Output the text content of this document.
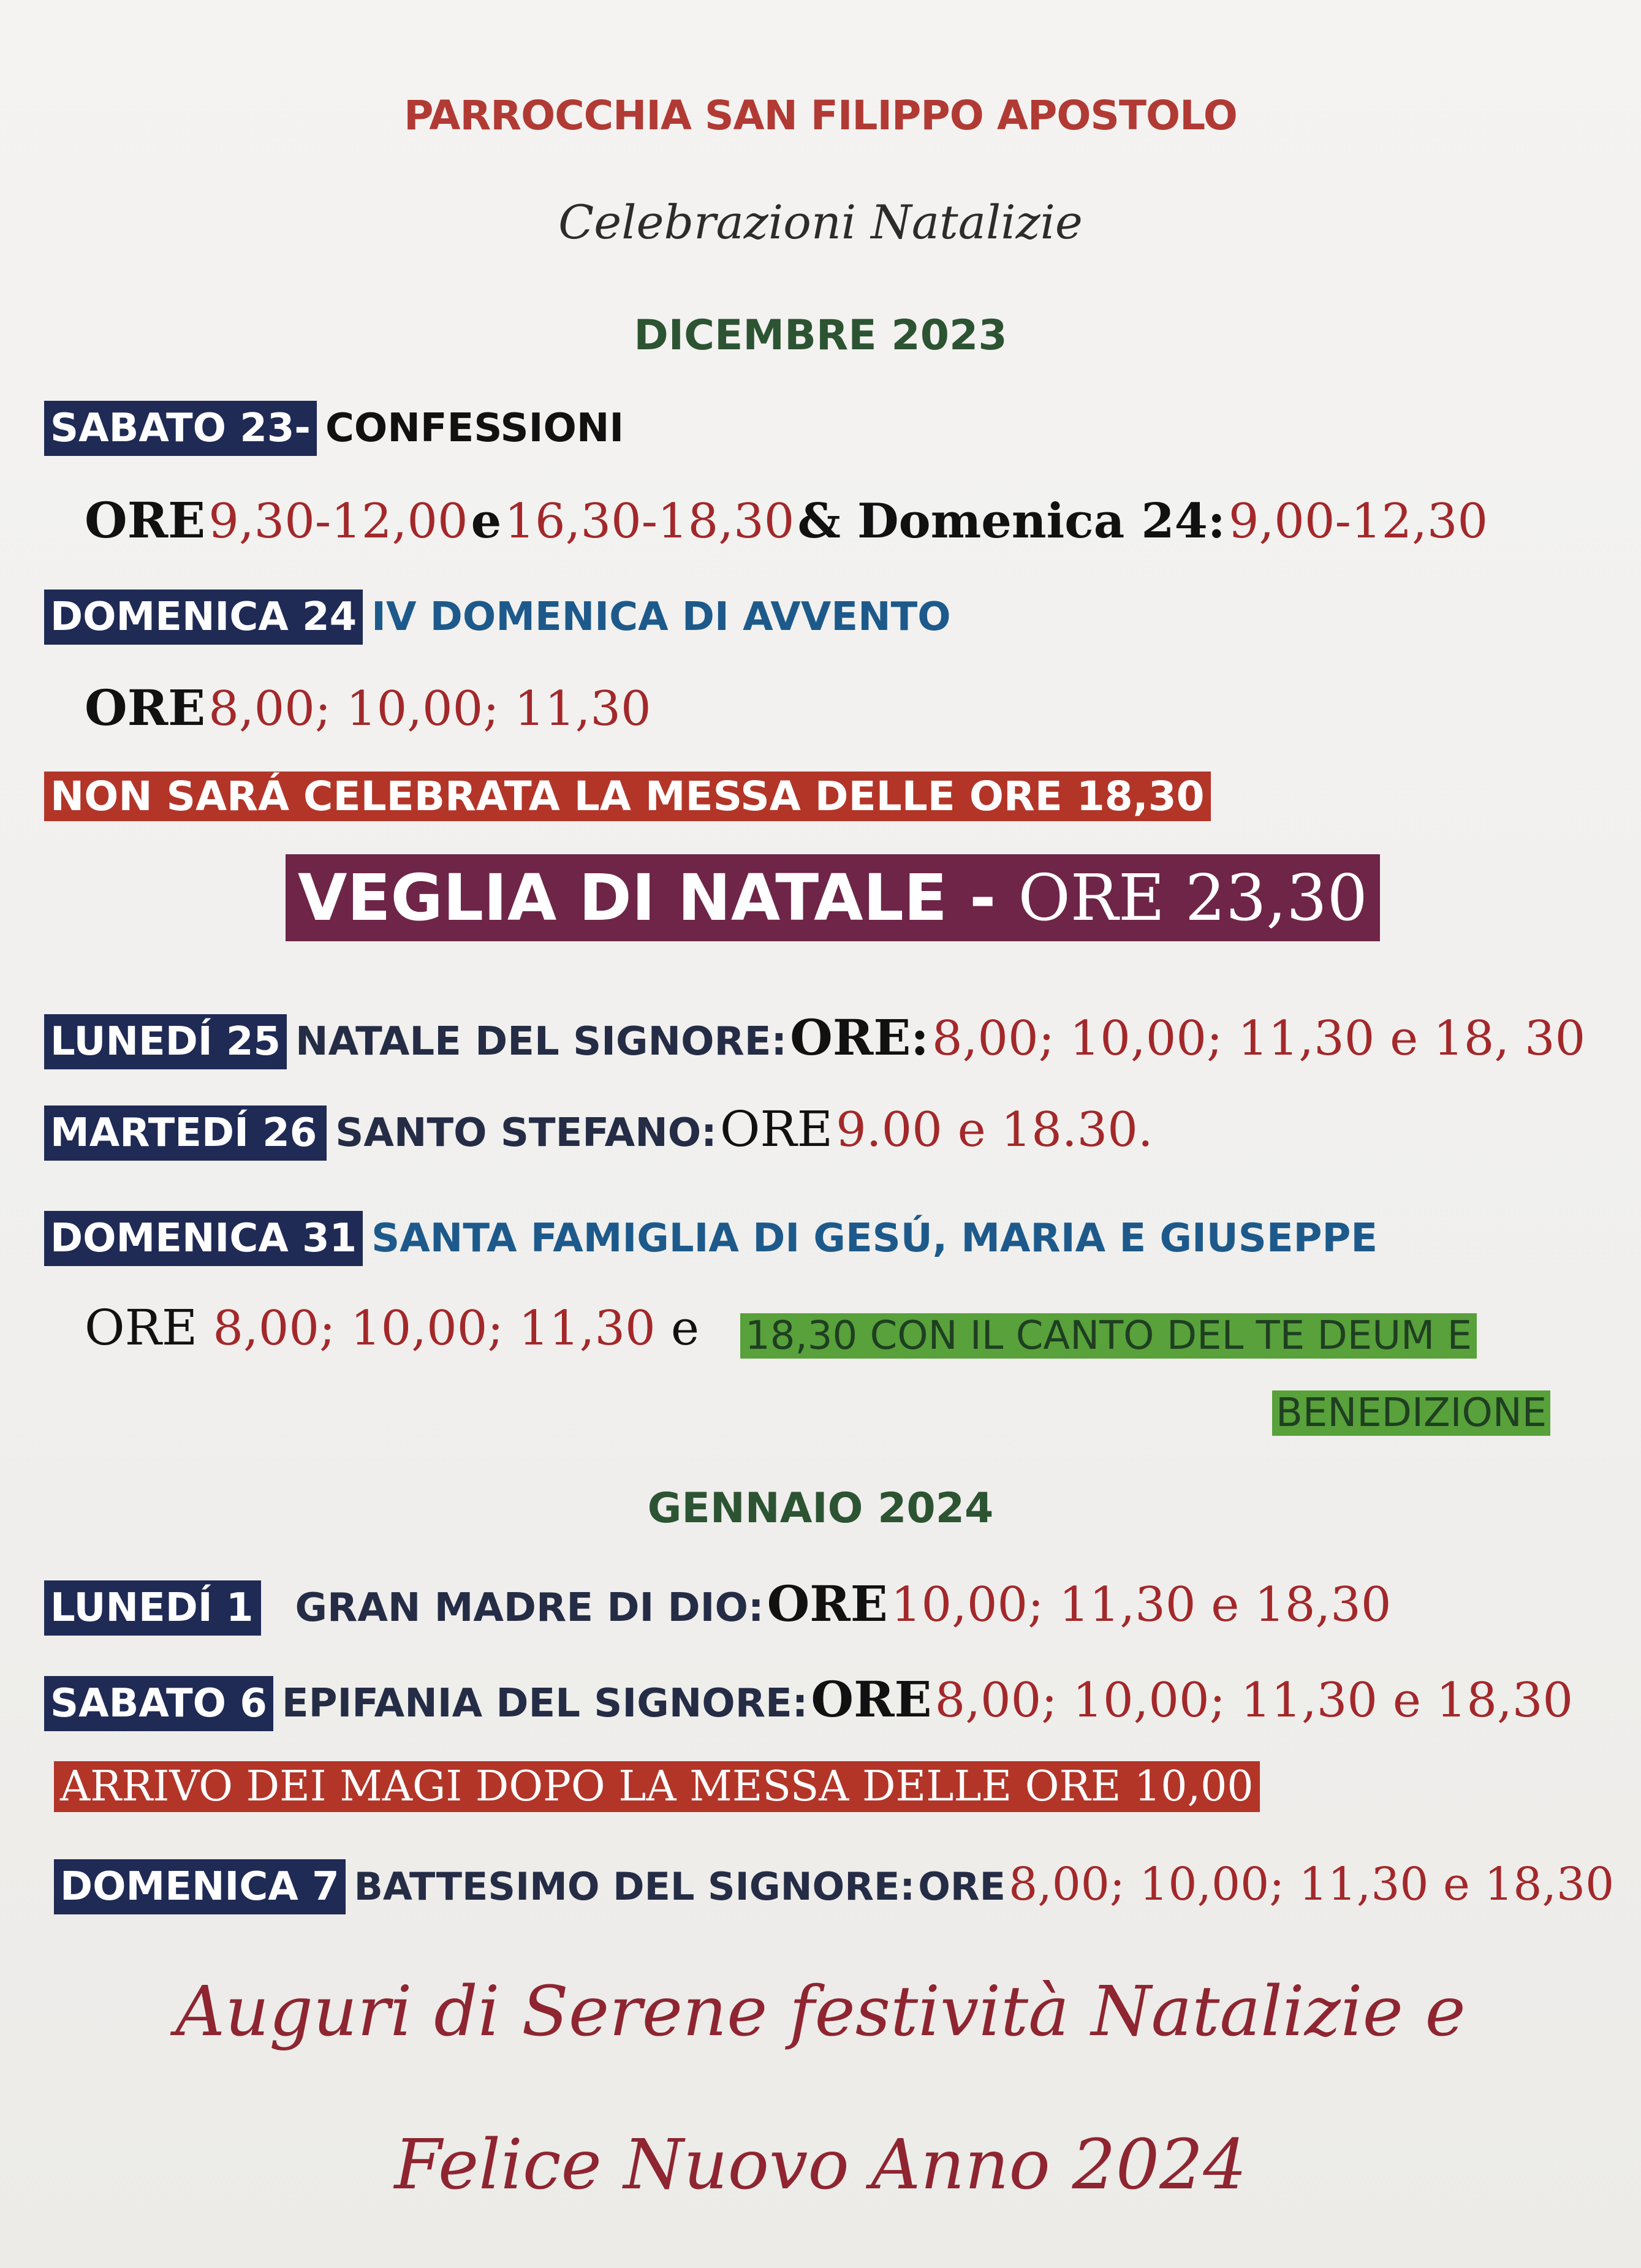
PARROCCHIA SAN FILIPPO APOSTOLO
Celebrazioni Natalizie
DICEMBRE 2023
SABATO 23- CONFESSIONI
ORE 9,30-12,00 e 16,30-18,30 & Domenica 24: 9,00-12,30
DOMENICA 24 IV DOMENICA DI AVVENTO
ORE 8,00; 10,00; 11,30
NON SARÁ CELEBRATA LA MESSA DELLE ORE 18,30
VEGLIA DI NATALE - ORE 23,30
LUNEDÍ 25 NATALE DEL SIGNORE: ORE: 8,00; 10,00; 11,30 e 18, 30
MARTEDÍ 26 SANTO STEFANO: ORE 9.00 e 18.30.
DOMENICA 31 SANTA FAMIGLIA DI GESÚ, MARIA E GIUSEPPE
ORE 8,00; 10,00; 11,30 e	18,30 CON IL CANTO DEL TE DEUM E
BENEDIZIONE
GENNAIO 2024
LUNEDÍ 1 GRAN MADRE DI DIO: ORE 10,00; 11,30 e 18,30
SABATO 6 EPIFANIA DEL SIGNORE: ORE 8,00; 10,00; 11,30 e 18,30
ARRIVO DEI MAGI DOPO LA MESSA DELLE ORE 10,00
DOMENICA 7 BATTESIMO DEL SIGNORE: ORE 8,00; 10,00; 11,30 e 18,30
Auguri di Serene festività Natalizie e
Felice Nuovo Anno 2024
